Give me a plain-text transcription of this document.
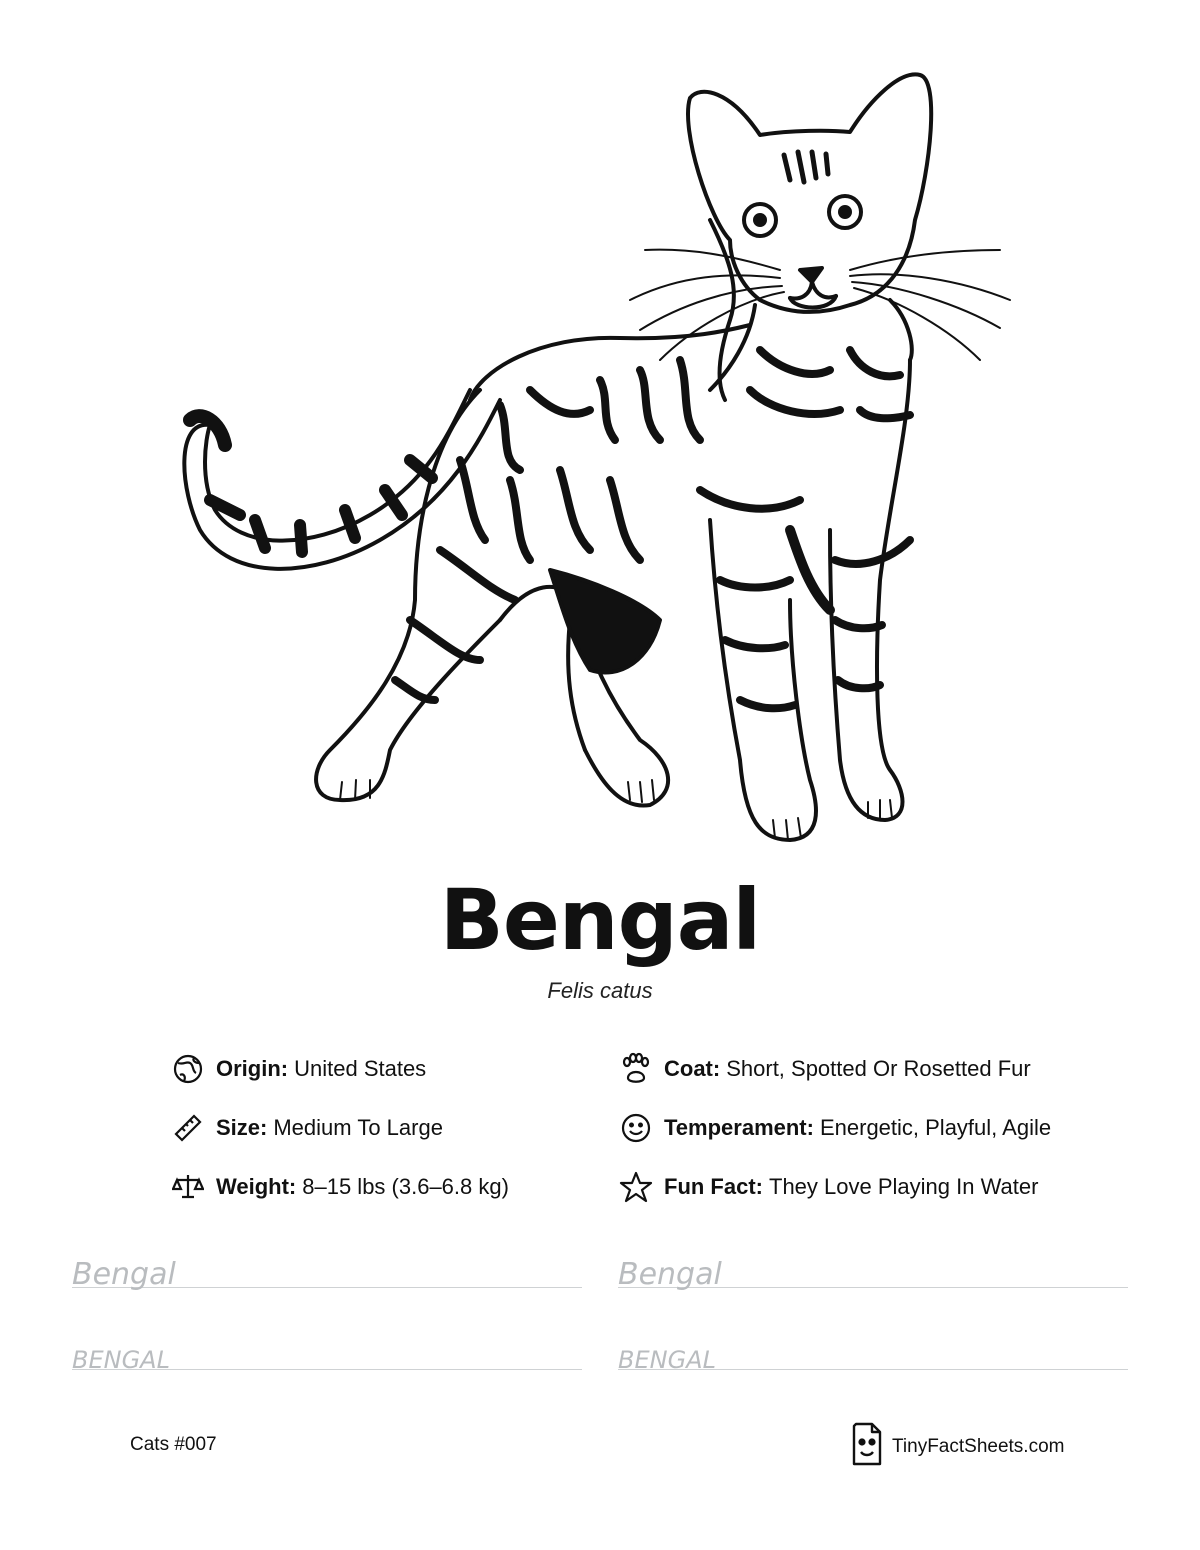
Bengal
Felis catus
Origin: United States
Size: Medium To Large
Weight: 8–15 lbs (3.6–6.8 kg)
Coat: Short, Spotted Or Rosetted Fur
Temperament: Energetic, Playful, Agile
Fun Fact: They Love Playing In Water
Bengal	Bengal
BENGAL	BENGAL
Cats #007	TinyFactSheets.com
